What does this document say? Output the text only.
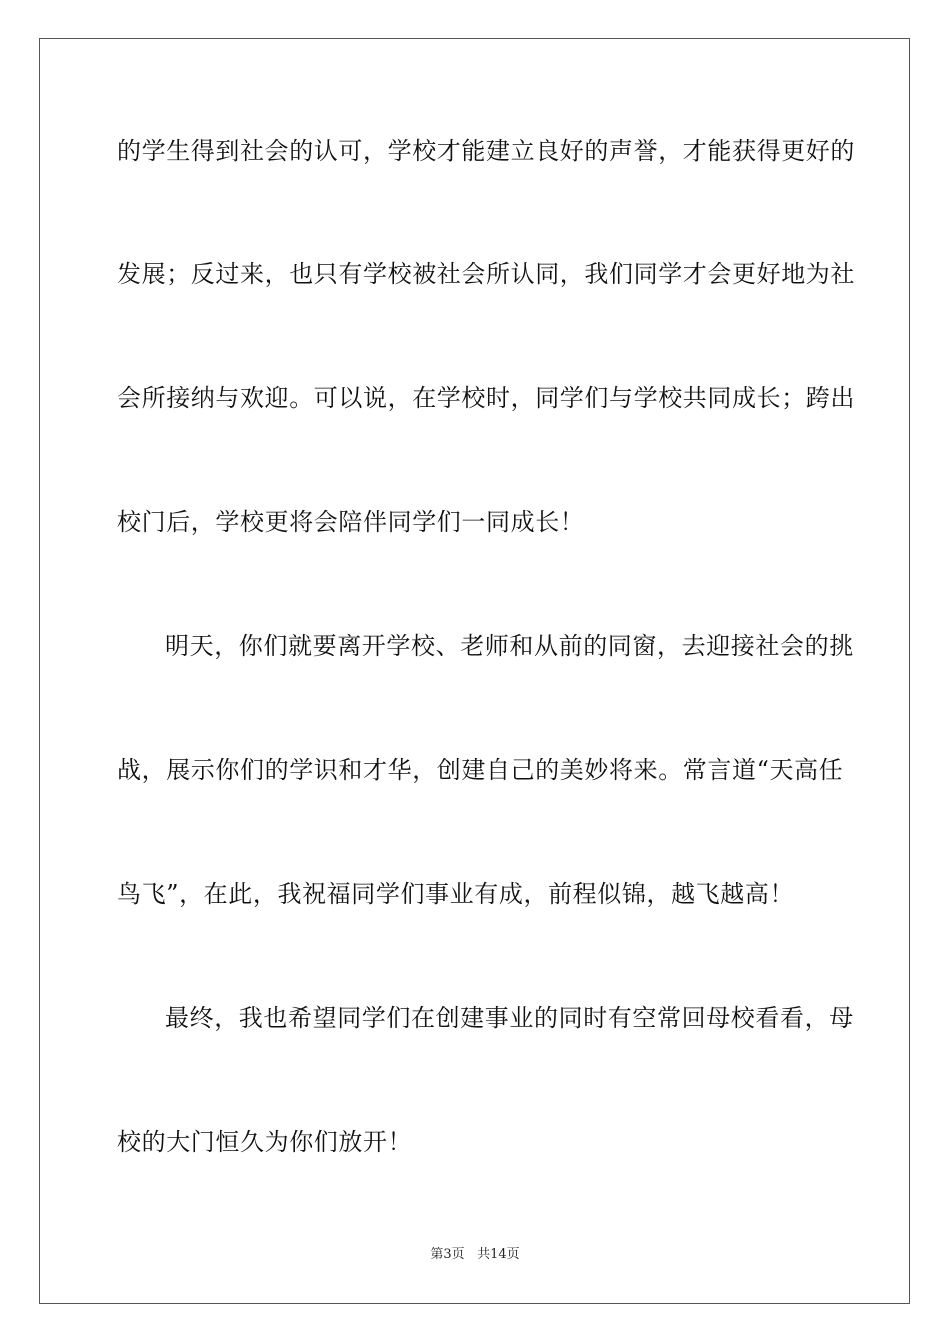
的学生得到社会的认可，学校才能建立良好的声誉，才能获得更好的
发展；反过来，也只有学校被社会所认同，我们同学才会更好地为社
会所接纳与欢迎。可以说，在学校时，同学们与学校共同成长；跨出
校门后，学校更将会陪伴同学们一同成长！
明天，你们就要离开学校、老师和从前的同窗，去迎接社会的挑
战，展示你们的学识和才华，创建自己的美妙将来。常言道“天高任
鸟飞”，在此，我祝福同学们事业有成，前程似锦，越飞越高！
最终，我也希望同学们在创建事业的同时有空常回母校看看，母
校的大门恒久为你们放开！
第3页 共14页
